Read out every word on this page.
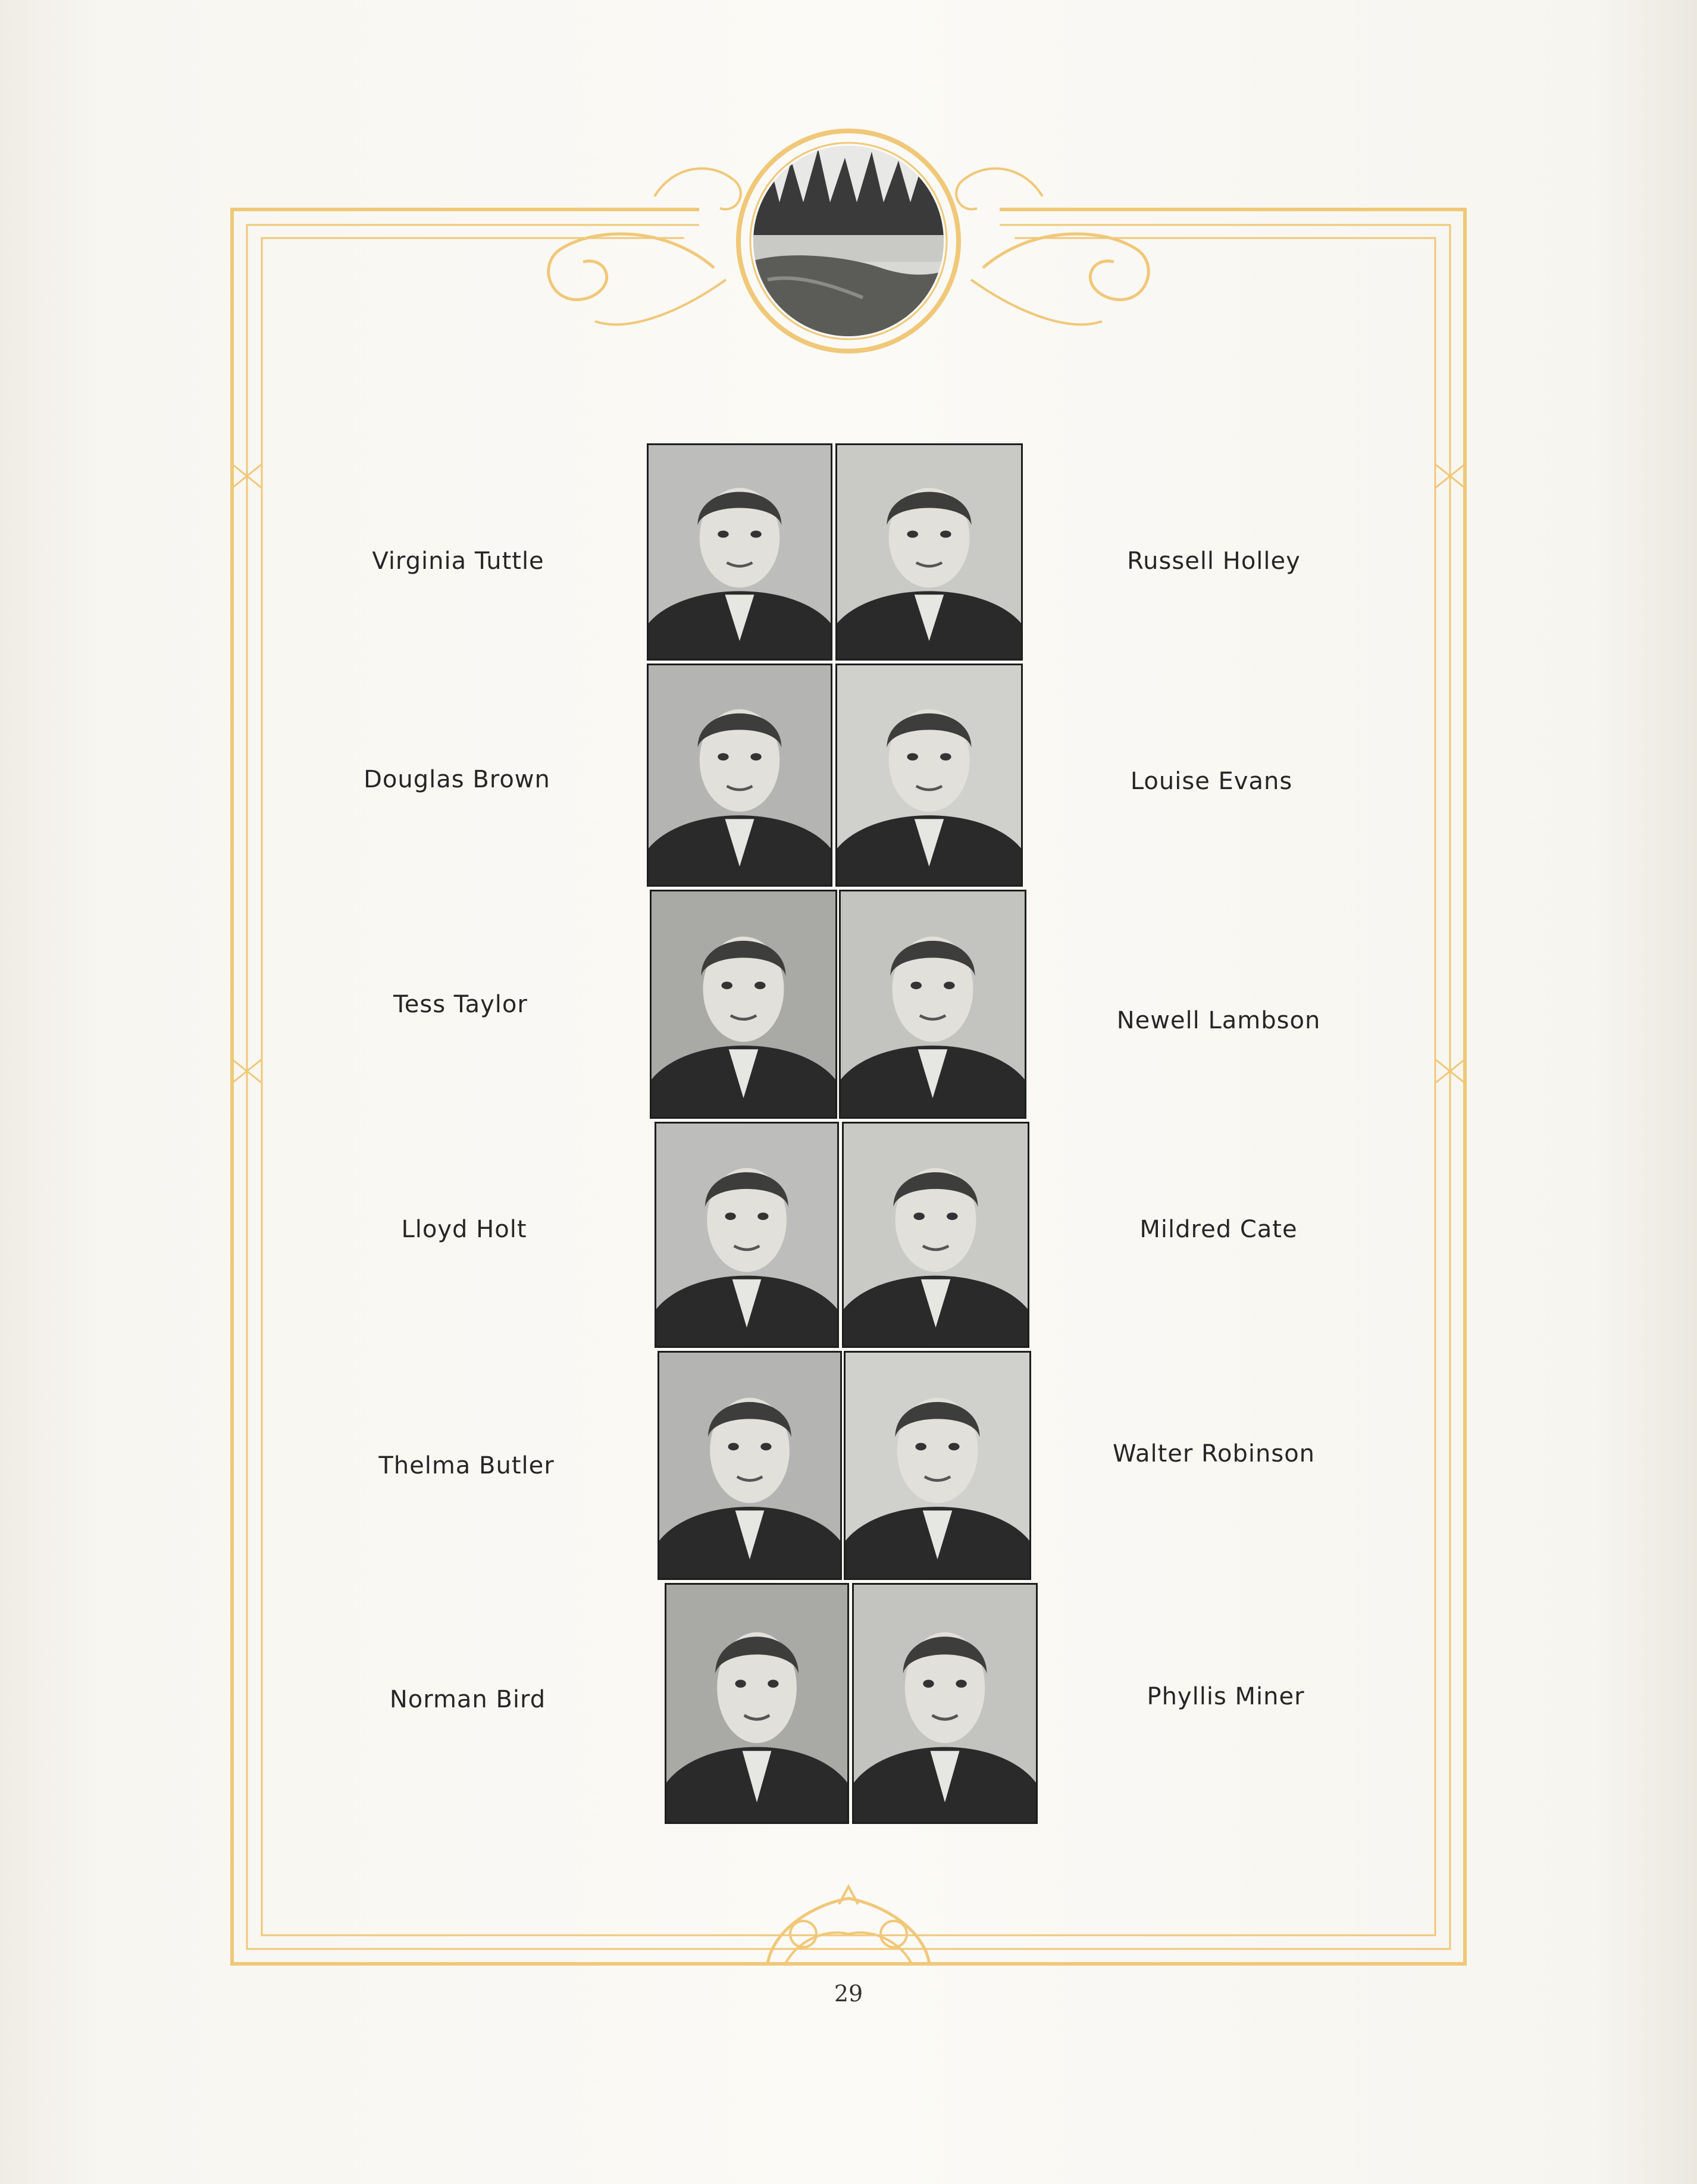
Virginia Tuttle
Douglas Brown
Tess Taylor
Lloyd Holt
Thelma Butler
Norman Bird
Russell Holley
Louise Evans
Newell Lambson
Mildred Cate
Walter Robinson
Phyllis Miner
29
